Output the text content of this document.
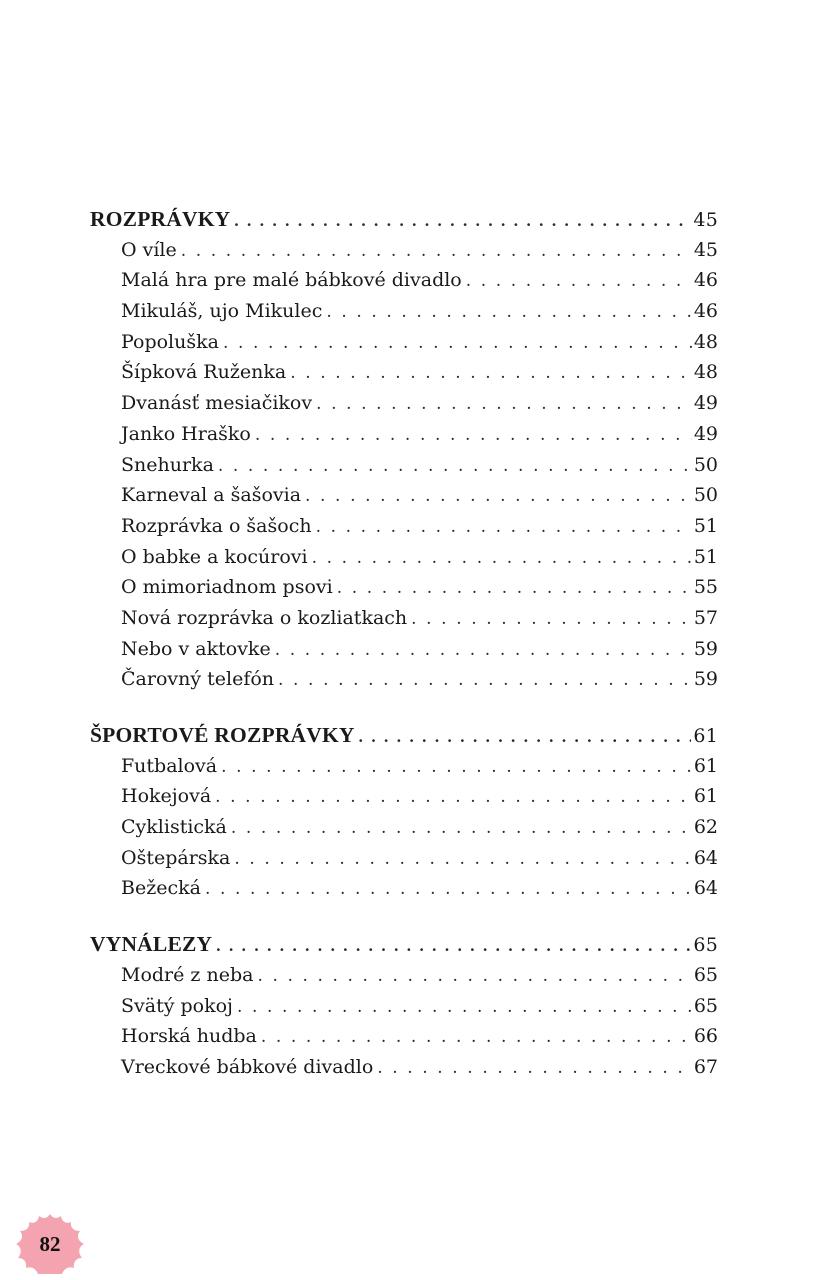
ROZPRÁVKY . . .	45
O víle . . .	45
Malá hra pre malé bábkové divadlo . . .	46
Mikuláš, ujo Mikulec . . .	46
Popoluška . . .	48
Šípková Ruženka . . .	48
Dvanásť mesiačikov . . .	49
Janko Hraško . . .	49
Snehurka . . .	50
Karneval a šašovia . . .	50
Rozprávka o šašoch . . .	51
O babke a kocúrovi . . .	51
O mimoriadnom psovi . . .	55
Nová rozprávka o kozliatkach . . .	57
Nebo v aktovke . . .	59
Čarovný telefón . . .	59
ŠPORTOVÉ ROZPRÁVKY . . .	61
Futbalová . . .	61
Hokejová . . .	61
Cyklistická . . .	62
Oštepárska . . .	64
Bežecká . . .	64
VYNÁLEZY . . .	65
Modré z neba . . .	65
Svätý pokoj . . .	65
Horská hudba . . .	66
Vreckové bábkové divadlo . . .	67
82
